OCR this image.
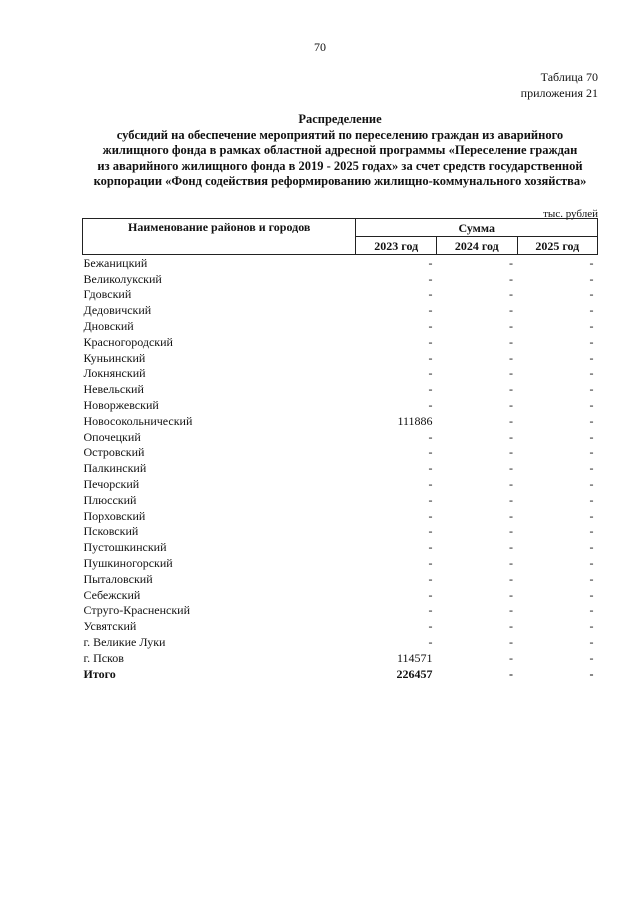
70
Таблица 70
приложения 21
Распределение
субсидий на обеспечение мероприятий по переселению граждан из аварийного
жилищного фонда в рамках областной адресной программы «Переселение граждан
из аварийного жилищного фонда в 2019 - 2025 годах» за счет средств государственной
корпорации «Фонд содействия реформированию жилищно-коммунального хозяйства»
тыс. рублей
Наименование районов и городов	Сумма		
	2023 год	2024 год	2025 год
Бежаницкий	-	-	-
Великолукский	-	-	-
Гдовский	-	-	-
Дедовичский	-	-	-
Дновский	-	-	-
Красногородский	-	-	-
Куньинский	-	-	-
Локнянский	-	-	-
Невельский	-	-	-
Новоржевский	-	-	-
Новосокольнический	111886	-	-
Опочецкий	-	-	-
Островский	-	-	-
Палкинский	-	-	-
Печорский	-	-	-
Плюсский	-	-	-
Порховский	-	-	-
Псковский	-	-	-
Пустошкинский	-	-	-
Пушкиногорский	-	-	-
Пыталовский	-	-	-
Себежский	-	-	-
Струго-Красненский	-	-	-
Усвятский	-	-	-
г. Великие Луки	-	-	-
г. Псков	114571	-	-
Итого	226457	-	-
